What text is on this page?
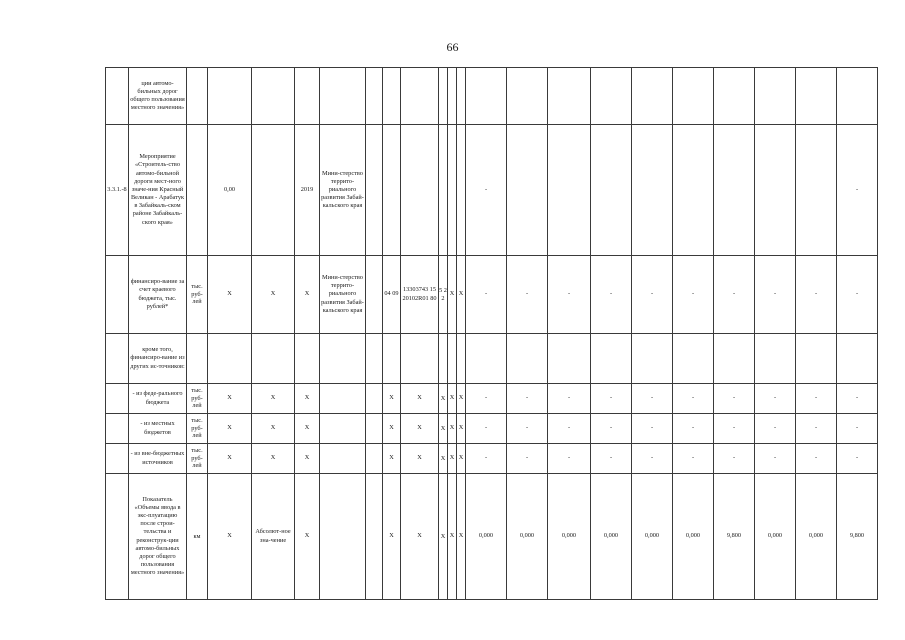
66
	ции автомо-бильных дорог общего пользования местного значения»																					
3.3.1.-8	Мероприятие «Строитель-ство автомо-бильной дороги мест-ного значе-ния Красный Великан - Арабатук в Забайкаль-ском районе Забайкаль-ского края»		0,00		2019	Мини-стерство террито-риального развития Забай-кальского края							-									-
	финансиро-вание за счет краевого бюджета, тыс. рублей*	тыс. руб-лей	X	X	X	Мини-стерство террито-риального развития Забай-кальского края		04 09	13303743 15 20102R01 80	5 2 2	X	X	-	-	-	-	-	-	-	-	-	-
	кроме того, финансиро-вание из других ис-точников:																					
	- из феде-рального бюджета	тыс. руб-лей	X	X	X			X	X	X	X	X	-	-	-	-	-	-	-	-	-	-
	- из местных бюджетов	тыс. руб-лей	X	X	X			X	X	X	X	X	-	-	-	-	-	-	-	-	-	-
	- из вне-бюджетных источников	тыс. руб-лей	X	X	X			X	X	X	X	X	-	-	-	-	-	-	-	-	-	-
	Показатель «Объемы ввода в экс-плуатацию после строи-тельства и реконструк-ции автомо-бильных дорог общего пользования местного значения»	км	X	Абсолют-ное зна-чение	X			X	X	X	X	X	0,000	0,000	0,000	0,000	0,000	0,000	9,800	0,000	0,000	9,800
